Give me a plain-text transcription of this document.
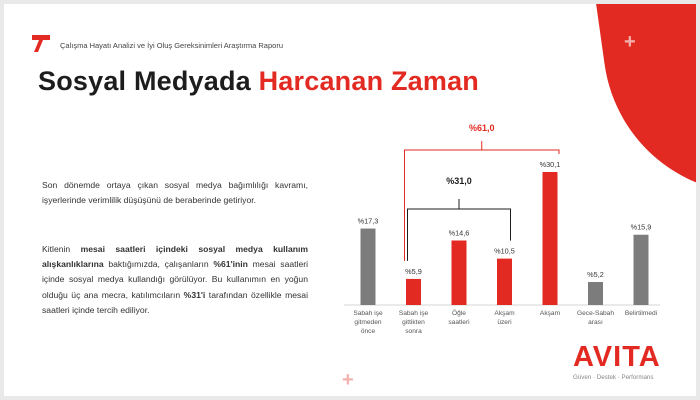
+
+
Çalışma Hayatı Analizi ve İyi Oluş Gereksinimleri Araştırma Raporu
Sosyal Medyada Harcanan Zaman
Son dönemde ortaya çıkan sosyal medya bağımlılığı kavramı, işyerlerinde verimlilik düşüşünü de beraberinde getiriyor.
Kitlenin mesai saatleri içindeki sosyal medya kullanım alışkanlıklarına baktığımızda, çalışanların %61'inin mesai saatleri içinde sosyal medya kullandığı görülüyor. Bu kullanımın en yoğun olduğu üç ana mecra, katılımcıların %31'i tarafından özellikle mesai saatleri içinde tercih ediliyor.
AVITA
Güven · Destek · Performans
%17,3
Sabah işe
gitmeden
önce
%5,9
Sabah işe
gittikten
sonra
%14,6
Öğle
saatleri
%10,5
Akşam
üzeri
%30,1
Akşam
%5,2
Gece-Sabah
arası
%15,9
Belirtilmedi
%61,0
%31,0
